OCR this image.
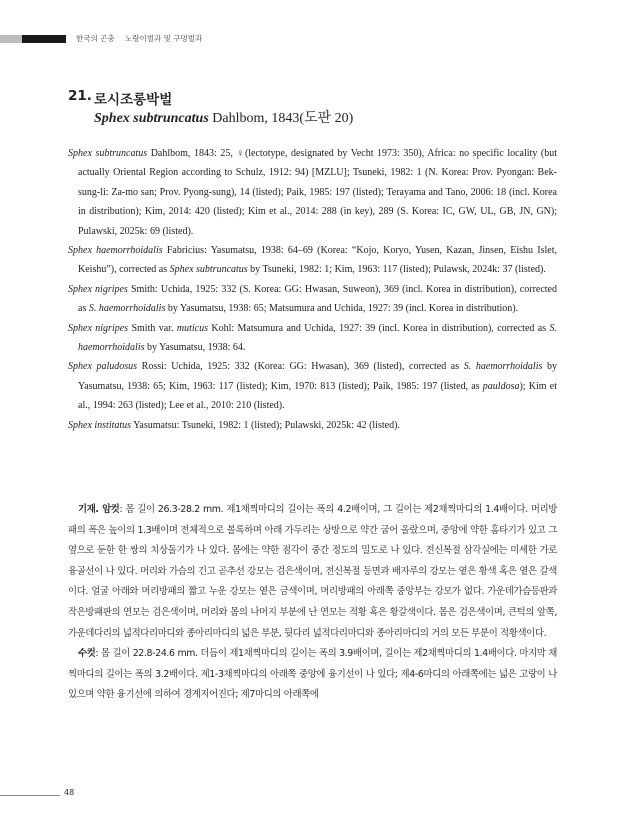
한국의 곤충 노랑이벌과 및 구멍벌과
21. 로시조롱박벌
Sphex subtruncatus Dahlbom, 1843(도판 20)

Sphex subtruncatus Dahlbom, 1843: 25, ♀(lectotype, designated by Vecht 1973: 350), Africa: no specific locality (but actually Oriental Region according to Schulz, 1912: 94) [MZLU]; Tsuneki, 1982: 1 (N. Korea: Prov. Pyongan: Bek-sung-li: Za-mo san; Prov. Pyong-sung), 14 (listed); Paik, 1985: 197 (listed); Terayama and Tano, 2006: 18 (incl. Korea in distribution); Kim, 2014: 420 (listed); Kim et al., 2014: 288 (in key), 289 (S. Korea: IC, GW, UL, GB, JN, GN); Pulawski, 2025k: 69 (listed).

Sphex haemorrhoidalis Fabricius: Yasumatsu, 1938: 64–69 (Korea: “Kojo, Koryo, Yusen, Kazan, Jinsen, Eishu Islet, Keishu”), corrected as Sphex subtruncatus by Tsuneki, 1982: 1; Kim, 1963: 117 (listed); Pulawsk, 2024k: 37 (listed).

Sphex nigripes Smith: Uchida, 1925: 332 (S. Korea: GG: Hwasan, Suweon), 369 (incl. Korea in distribution), corrected as S. haemorrhoidalis by Yasumatsu, 1938: 65; Matsumura and Uchida, 1927: 39 (incl. Korea in distribution).

Sphex nigripes Smith var. muticus Kohl: Matsumura and Uchida, 1927: 39 (incl. Korea in distribution), corrected as S. haemorrhoidalis by Yasumatsu, 1938: 64.

Sphex paludosus Rossi: Uchida, 1925: 332 (Korea: GG: Hwasan), 369 (listed), corrected as S. haemorrhoidalis by Yasumatsu, 1938: 65; Kim, 1963: 117 (listed); Kim, 1970: 813 (listed); Paik, 1985: 197 (listed, as pauldosa); Kim et al., 1994: 263 (listed); Lee et al., 2010: 210 (listed).

Sphex institatus Yasumatsu: Tsuneki, 1982: 1 (listed); Pulawski, 2025k: 42 (listed).

기재. 암컷: 몸 길이 26.3-28.2 mm. 제1채찍마디의 길이는 폭의 4.2배이며, 그 길이는 제2채찍마디의 1.4배이다. 머리방패의 폭은 높이의 1.3배이며 전체적으로 볼록하며 아래 가두리는 상방으로 약간 굽어 올랐으며, 중앙에 약한 홈타기가 있고 그 옆으로 둔한 한 쌍의 치상돌기가 나 있다. 몸에는 약한 점각이 중간 정도의 밀도로 나 있다. 전신복절 삼각실에는 미세한 가로 융골선이 나 있다. 머리와 가슴의 긴고 곧추선 강모는 검은색이며, 전신복절 등면과 배자루의 강모는 옅은 황색 혹은 옅은 갈색이다. 얼굴 아래와 머리방패의 짧고 누운 강모는 옅은 금색이며, 머리방패의 아래쪽 중앙부는 강모가 없다. 가운데가슴등판과 작은방패판의 연모는 검은색이며, 머리와 몸의 나머지 부분에 난 연모는 적황 혹은 황갈색이다. 몸은 검은색이며, 큰턱의 앞쪽, 가운데다리의 넓적다리마디와 종아리마디의 넓은 부분, 뒷다리 넓적다리마디와 종아리마디의 거의 모든 부분이 적황색이다.

수컷: 몸 길이 22.8-24.6 mm. 더듬이 제1채찍마디의 길이는 폭의 3.9배이며, 길이는 제2채찍마디의 1.4배이다. 마지막 채찍마디의 길이는 폭의 3.2배이다. 제1-3채찍마디의 아래쪽 중앙에 융기선이 나 있다; 제4-6마디의 아래쪽에는 넓은 고랑이 나 있으며 약한 융기선에 의하여 경계지어진다; 제7마디의 아래쪽에

48
